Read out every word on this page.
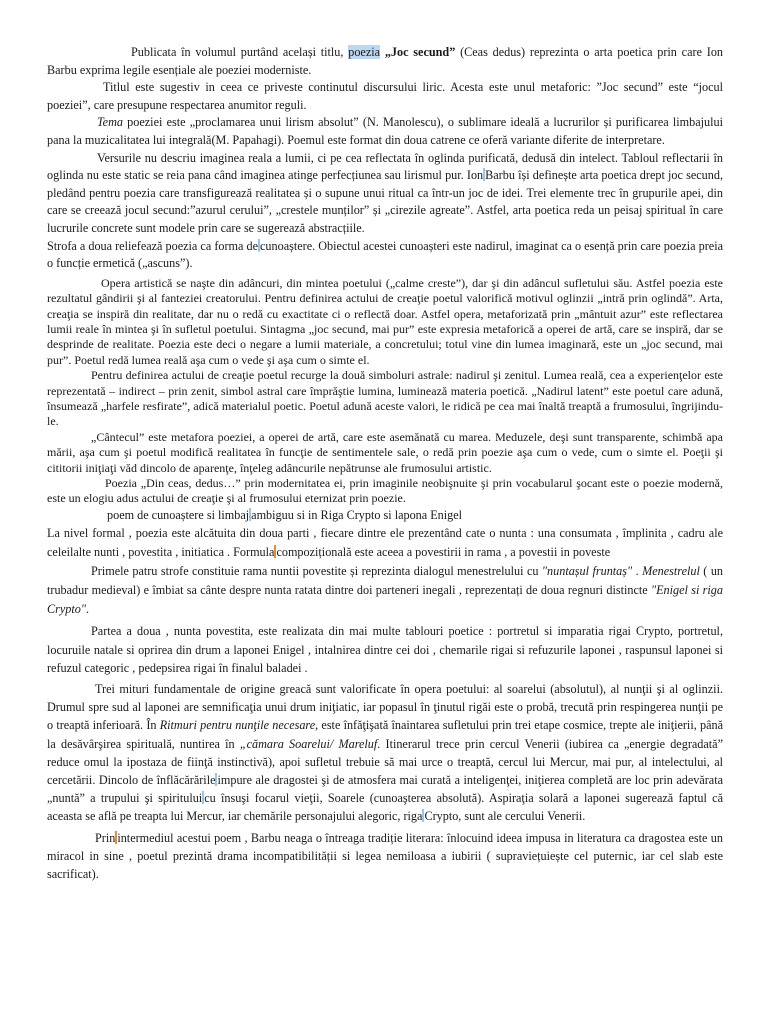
Publicata în volumul purtând același titlu, poezia „Joc secund” (Ceas dedus) reprezinta o arta poetica prin care Ion Barbu exprima legile esențiale ale poeziei moderniste.

Titlul este sugestiv in ceea ce priveste continutul discursului liric. Acesta este unul metaforic: ”Joc secund” este “jocul poeziei”, care presupune respectarea anumitor reguli.

Tema poeziei este „proclamarea unui lirism absolut” (N. Manolescu), o sublimare ideală a lucrurilor și purificarea limbajului pana la muzicalitatea lui integrală(M. Papahagi). Poemul este format din doua catrene ce oferă variante diferite de interpretare.

Versurile nu descriu imaginea reala a lumii, ci pe cea reflectata în oglinda purificată, dedusă din intelect. Tabloul reflectarii în oglinda nu este static se reia pana când imaginea atinge perfecțiunea sau lirismul pur. Ion Barbu își definește arta poetica drept joc secund, pledând pentru poezia care transfigurează realitatea și o supune unui ritual ca într-un joc de idei. Trei elemente trec în grupurile apei, din care se creează jocul secund:”azurul cerului”, „crestele munților” și „cirezile agreate”. Astfel, arta poetica reda un peisaj spiritual în care lucrurile concrete sunt modele prin care se sugerează abstracțiile.

Strofa a doua reliefează poezia ca forma de cunoaștere. Obiectul acestei cunoașteri este nadirul, imaginat ca o esență prin care poezia preia o funcție ermetică („ascuns”).

Opera artistică se naşte din adâncuri, din mintea poetului („calme creste”), dar şi din adâncul sufletului său. Astfel poezia este rezultatul gândirii şi al fanteziei creatorului. Pentru definirea actului de creaţie poetul valorifică motivul oglinzii „intră prin oglindă”. Arta, creaţia se inspiră din realitate, dar nu o redă cu exactitate ci o reflectă doar. Astfel opera, metaforizată prin „mântuit azur” este reflectarea lumii reale în mintea şi în sufletul poetului. Sintagma „joc secund, mai pur” este expresia metaforică a operei de artă, care se inspiră, dar se desprinde de realitate. Poezia este deci o negare a lumii materiale, a concretului; totul vine din lumea imaginară, este un „joc secund, mai pur”. Poetul redă lumea reală aşa cum o vede şi aşa cum o simte el.

Pentru definirea actului de creaţie poetul recurge la două simboluri astrale: nadirul şi zenitul. Lumea reală, cea a experienţelor este reprezentată – indirect – prin zenit, simbol astral care împrăştie lumina, luminează materia poetică. „Nadirul latent” este poetul care adună, însumează „harfele resfirate”, adică materialul poetic. Poetul adună aceste valori, le ridică pe cea mai înaltă treaptă a frumosului, îngrijindu-le.

„Cântecul” este metafora poeziei, a operei de artă, care este asemănată cu marea. Meduzele, deşi sunt transparente, schimbă apa mării, aşa cum şi poetul modifică realitatea în funcţie de sentimentele sale, o redă prin poezie aşa cum o vede, cum o simte el. Poeţii şi cititorii iniţiaţi văd dincolo de aparenţe, înţeleg adâncurile nepătrunse ale frumosului artistic.

Poezia „Din ceas, dedus…” prin modernitatea ei, prin imaginile neobişnuite şi prin vocabularul şocant este o poezie modernă, este un elogiu adus actului de creaţie şi al frumosului eternizat prin poezie.

poem de cunoaștere si limbaj ambiguu si in Riga Crypto si lapona Enigel

La nivel formal , poezia este alcătuita din doua parti , fiecare dintre ele prezentând cate o nunta : una consumata , împlinita , cadru ale celeilalte nunti , povestita , initiatica . Formula compozițională este aceea a povestirii in rama , a povestii in poveste

Primele patru strofe constituie rama nuntii povestite și reprezinta dialogul menestrelului cu "nuntașul fruntaș" . Menestrelul ( un trubadur medieval) e îmbiat sa cânte despre nunta ratata dintre doi parteneri inegali , reprezentați de doua regnuri distincte "Enigel si riga Crypto".

Partea a doua , nunta povestita, este realizata din mai multe tablouri poetice : portretul si imparatia rigai Crypto, portretul, locuruile natale si oprirea din drum a laponei Enigel , intalnirea dintre cei doi , chemarile rigai si refuzurile laponei , raspunsul laponei si refuzul categoric , pedepsirea rigai în finalul baladei .

Trei mituri fundamentale de origine greacă sunt valorificate în opera poetului: al soarelui (absolutul), al nunţii şi al oglinzii. Drumul spre sud al laponei are semnificaţia unui drum iniţiatic, iar popasul în ţinutul rigăi este o probă, trecută prin respingerea nunţii pe o treaptă inferioară. În Ritmuri pentru nunţile necesare, este înfăţişată înaintarea sufletului prin trei etape cosmice, trepte ale iniţierii, până la desăvârşirea spirituală, nuntirea în „cămara Soarelui/ Mareluf. Itinerarul trece prin cercul Venerii (iubirea ca „energie degradată” reduce omul la ipostaza de fiinţă instinctivă), apoi sufletul trebuie să mai urce o treaptă, cercul lui Mercur, mai pur, al intelectului, al cercetării. Dincolo de înflăcărările impure ale dragostei şi de atmosfera mai curată a inteligenţei, iniţierea completă are loc prin adevărata „nuntă” a trupului şi spiritului cu însuşi focarul vieţii, Soarele (cunoaşterea absolută). Aspiraţia solară a laponei sugerează faptul că aceasta se află pe treapta lui Mercur, iar chemările personajului alegoric, riga Crypto, sunt ale cercului Venerii.

Prin intermediul acestui poem , Barbu neaga o întreaga tradiție literara: înlocuind ideea impusa in literatura ca dragostea este un miracol in sine , poetul prezintă drama incompatibilității si legea nemiloasa a iubirii ( supraviețuiește cel puternic, iar cel slab este sacrificat).
